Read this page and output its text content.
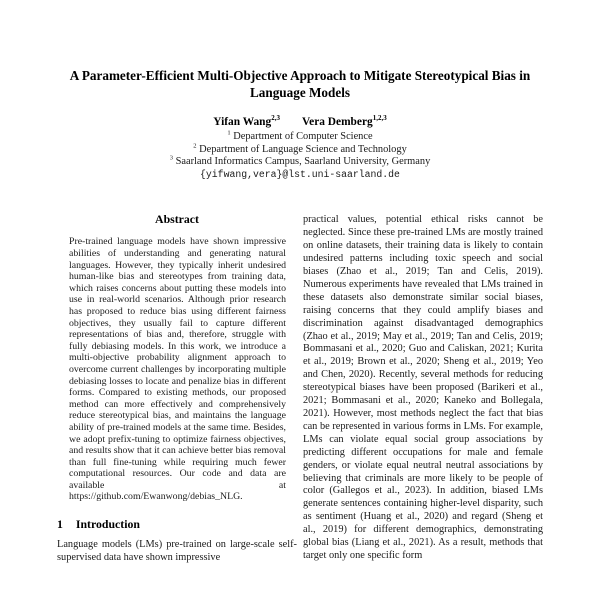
A Parameter-Efficient Multi-Objective Approach to Mitigate Stereotypical Bias in Language Models
Yifan Wang$^{2,3}$ Vera Demberg$^{1,2,3}$
$^1$ Department of Computer Science
$^2$ Department of Language Science and Technology
$^3$ Saarland Informatics Campus, Saarland University, Germany
{yifwang,vera}@lst.uni-saarland.de
Abstract

Pre-trained language models have shown impressive abilities of understanding and generating natural languages. However, they typically inherit undesired human-like bias and stereotypes from training data, which raises concerns about putting these models into use in real-world scenarios. Although prior research has proposed to reduce bias using different fairness objectives, they usually fail to capture different representations of bias and, therefore, struggle with fully debiasing models. In this work, we introduce a multi-objective probability alignment approach to overcome current challenges by incorporating multiple debiasing losses to locate and penalize bias in different forms. Compared to existing methods, our proposed method can more effectively and comprehensively reduce stereotypical bias, and maintains the language ability of pre-trained models at the same time. Besides, we adopt prefix-tuning to optimize fairness objectives, and results show that it can achieve better bias removal than full fine-tuning while requiring much fewer computational resources. Our code and data are available at https://github.com/Ewanwong/debias_NLG.

1 Introduction

Language models (LMs) pre-trained on large-scale self-supervised data have shown impressive

practical values, potential ethical risks cannot be neglected. Since these pre-trained LMs are mostly trained on online datasets, their training data is likely to contain undesired patterns including toxic speech and social biases (Zhao et al., 2019; Tan and Celis, 2019). Numerous experiments have revealed that LMs trained in these datasets also demonstrate similar social biases, raising concerns that they could amplify biases and discrimination against disadvantaged demographics (Zhao et al., 2019; May et al., 2019; Tan and Celis, 2019; Bommasani et al., 2020; Guo and Caliskan, 2021; Kurita et al., 2019; Brown et al., 2020; Sheng et al., 2019; Yeo and Chen, 2020). Recently, several methods for reducing stereotypical biases have been proposed (Barikeri et al., 2021; Bommasani et al., 2020; Kaneko and Bollegala, 2021). However, most methods neglect the fact that bias can be represented in various forms in LMs. For example, LMs can violate equal social group associations by predicting different occupations for male and female genders, or violate equal neutral neutral associations by believing that criminals are more likely to be people of color (Gallegos et al., 2023). In addition, biased LMs generate sentences containing higher-level disparity, such as sentiment (Huang et al., 2020) and regard (Sheng et al., 2019) for different demographics, demonstrating global bias (Liang et al., 2021). As a result, methods that target only one specific form
